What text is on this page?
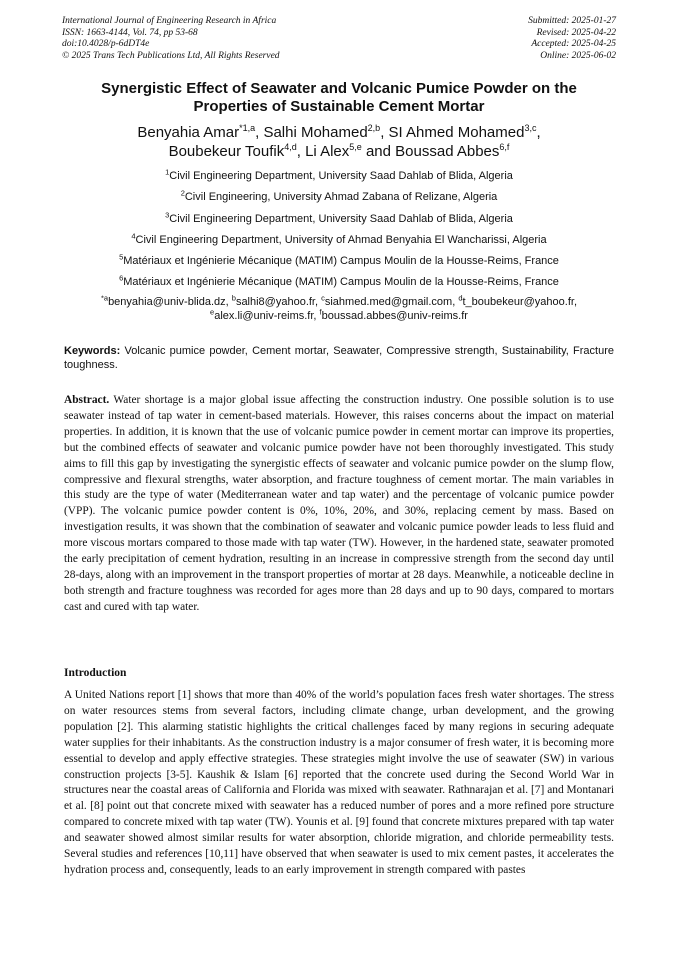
International Journal of Engineering Research in Africa
ISSN: 1663-4144, Vol. 74, pp 53-68
doi:10.4028/p-6dDT4e
© 2025 Trans Tech Publications Ltd, All Rights Reserved
Submitted: 2025-01-27
Revised: 2025-04-22
Accepted: 2025-04-25
Online: 2025-06-02
Synergistic Effect of Seawater and Volcanic Pumice Powder on the Properties of Sustainable Cement Mortar
Benyahia Amar$^{*1,a}$, Salhi Mohamed$^{2,b}$, SI Ahmed Mohamed$^{3,c}$,
Boubekeur Toufik$^{4,d}$, Li Alex$^{5,e}$ and Boussad Abbes$^{6,f}$
$^1$Civil Engineering Department, University Saad Dahlab of Blida, Algeria
$^2$Civil Engineering, University Ahmad Zabana of Relizane, Algeria
$^3$Civil Engineering Department, University Saad Dahlab of Blida, Algeria
$^4$Civil Engineering Department, University of Ahmad Benyahia El Wancharissi, Algeria
$^5$Matériaux et Ingénierie Mécanique (MATIM) Campus Moulin de la Housse-Reims, France
$^6$Matériaux et Ingénierie Mécanique (MATIM) Campus Moulin de la Housse-Reims, France
$^{*a}$benyahia@univ-blida.dz, $^b$salhi8@yahoo.fr, $^c$siahmed.med@gmail.com, $^d$t_boubekeur@yahoo.fr,
$^e$alex.li@univ-reims.fr, $^f$boussad.abbes@univ-reims.fr
Keywords: Volcanic pumice powder, Cement mortar, Seawater, Compressive strength, Sustainability, Fracture toughness.
Abstract. Water shortage is a major global issue affecting the construction industry. One possible solution is to use seawater instead of tap water in cement-based materials. However, this raises concerns about the impact on material properties. In addition, it is known that the use of volcanic pumice powder in cement mortar can improve its properties, but the combined effects of seawater and volcanic pumice powder have not been thoroughly investigated. This study aims to fill this gap by investigating the synergistic effects of seawater and volcanic pumice powder on the slump flow, compressive and flexural strengths, water absorption, and fracture toughness of cement mortar. The main variables in this study are the type of water (Mediterranean water and tap water) and the percentage of volcanic pumice powder (VPP). The volcanic pumice powder content is 0%, 10%, 20%, and 30%, replacing cement by mass. Based on investigation results, it was shown that the combination of seawater and volcanic pumice powder leads to less fluid and more viscous mortars compared to those made with tap water (TW). However, in the hardened state, seawater promoted the early precipitation of cement hydration, resulting in an increase in compressive strength from the second day until 28-days, along with an improvement in the transport properties of mortar at 28 days. Meanwhile, a noticeable decline in both strength and fracture toughness was recorded for ages more than 28 days and up to 90 days, compared to mortars cast and cured with tap water.
Introduction
A United Nations report [1] shows that more than 40% of the world’s population faces fresh water shortages. The stress on water resources stems from several factors, including climate change, urban development, and the growing population [2]. This alarming statistic highlights the critical challenges faced by many regions in securing adequate water supplies for their inhabitants. As the construction industry is a major consumer of fresh water, it is becoming more essential to develop and apply effective strategies. These strategies might involve the use of seawater (SW) in various construction projects [3-5]. Kaushik & Islam [6] reported that the concrete used during the Second World War in structures near the coastal areas of California and Florida was mixed with seawater. Rathnarajan et al. [7] and Montanari et al. [8] point out that concrete mixed with seawater has a reduced number of pores and a more refined pore structure compared to concrete mixed with tap water (TW). Younis et al. [9] found that concrete mixtures prepared with tap water and seawater showed almost similar results for water absorption, chloride migration, and chloride permeability tests. Several studies and references [10,11] have observed that when seawater is used to mix cement pastes, it accelerates the hydration process and, consequently, leads to an early improvement in strength compared with pastes
